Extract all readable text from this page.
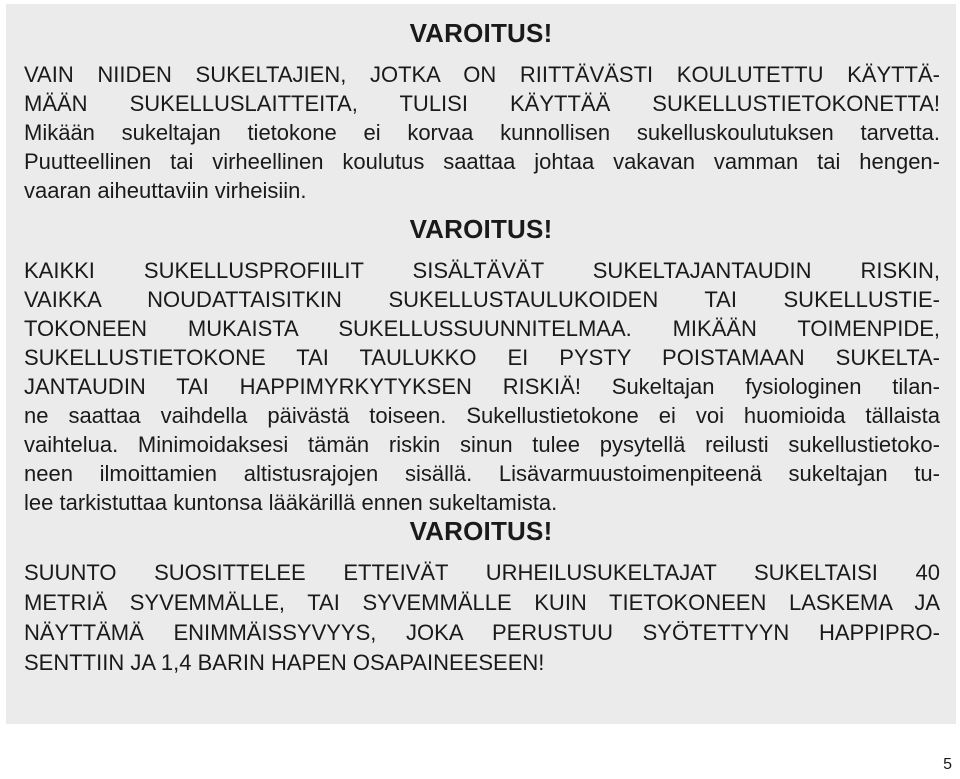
VAROITUS!
VAIN NIIDEN SUKELTAJIEN, JOTKA ON RIITTÄVÄSTI KOULUTETTU KÄYTTÄ-
MÄÄN SUKELLUSLAITTEITA, TULISI KÄYTTÄÄ SUKELLUSTIETOKONETTA!
Mikään sukeltajan tietokone ei korvaa kunnollisen sukelluskoulutuksen tarvetta.
Puutteellinen tai virheellinen koulutus saattaa johtaa vakavan vamman tai hengen-
vaaran aiheuttaviin virheisiin.
VAROITUS!
KAIKKI SUKELLUSPROFIILIT SISÄLTÄVÄT SUKELTAJANTAUDIN RISKIN,
VAIKKA NOUDATTAISITKIN SUKELLUSTAULUKOIDEN TAI SUKELLUSTIE-
TOKONEEN MUKAISTA SUKELLUSSUUNNITELMAA. MIKÄÄN TOIMENPIDE,
SUKELLUSTIETOKONE TAI TAULUKKO EI PYSTY POISTAMAAN SUKELTA-
JANTAUDIN TAI HAPPIMYRKYTYKSEN RISKIÄ! Sukeltajan fysiologinen tilan-
ne saattaa vaihdella päivästä toiseen. Sukellustietokone ei voi huomioida tällaista
vaihtelua. Minimoidaksesi tämän riskin sinun tulee pysytellä reilusti sukellustietoko-
neen ilmoittamien altistusrajojen sisällä. Lisävarmuustoimenpiteenä sukeltajan tu-
lee tarkistuttaa kuntonsa lääkärillä ennen sukeltamista.
VAROITUS!
SUUNTO SUOSITTELEE ETTEIVÄT URHEILUSUKELTAJAT SUKELTAISI 40
METRIÄ SYVEMMÄLLE, TAI SYVEMMÄLLE KUIN TIETOKONEEN LASKEMA JA
NÄYTTÄMÄ ENIMMÄISSYVYYS, JOKA PERUSTUU SYÖTETTYYN HAPPIPRO-
SENTTIIN JA 1,4 BARIN HAPEN OSAPAINEESEEN!
5
